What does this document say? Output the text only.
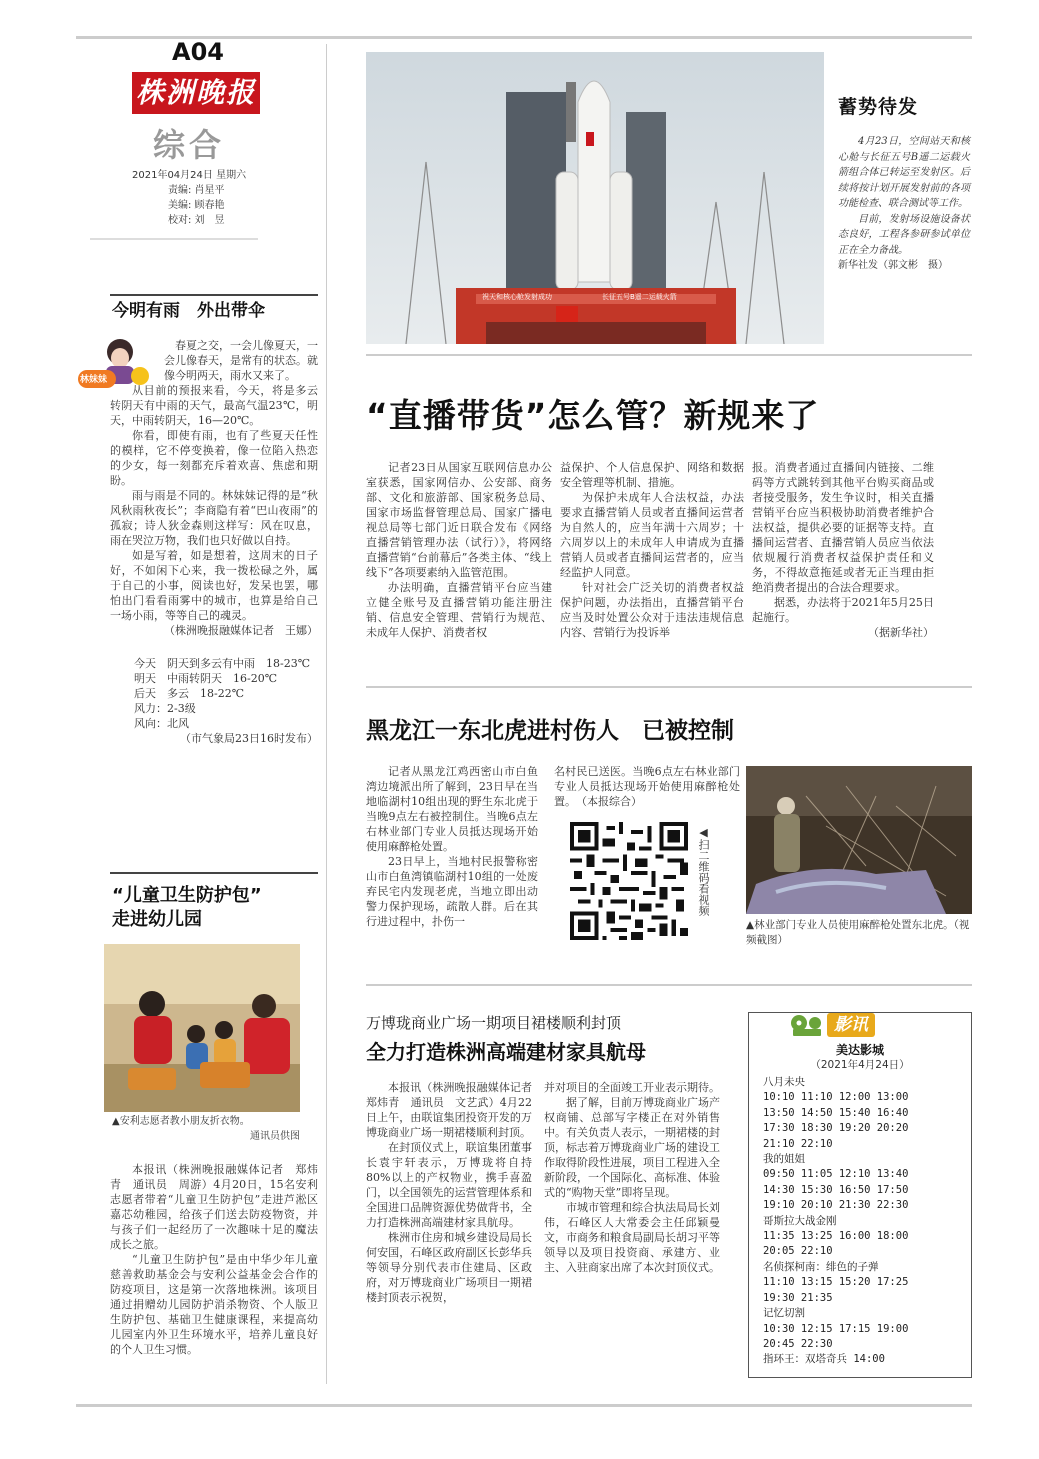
A04
株洲晚报
综合
2021年04月24日 星期六
责编: 肖星平
美编: 顾春艳
校对: 刘　昱
今明有雨　外出带伞
林妹妹

春夏之交，一会儿像夏天，一会儿像春天，是常有的状态。就像今明两天，雨水又来了。

从目前的预报来看，今天，将是多云转阴天有中雨的天气，最高气温23℃，明天，中雨转阴天，16—20℃。

你看，即使有雨，也有了些夏天任性的模样，它不停变换着，像一位陷入热恋的少女，每一刻都充斥着欢喜、焦虑和期盼。

雨与雨是不同的。林妹妹记得的是“秋风秋雨秋夜长”；李商隐有着“巴山夜雨”的孤寂；诗人狄金森则这样写：风在叹息，雨在哭泣万物，我们也只好做以自持。

如是写着，如是想着，这周末的日子好，不如闲下心来，我一拨松碌之外，属于自己的小事，阅读也好，发呆也罢，哪怕出门看看雨雾中的城市，也算是给自己一场小雨，等等自己的魂灵。

（株洲晚报融媒体记者　王娜）
今天　阴天到多云有中雨　18-23℃
明天　中雨转阴天　16-20℃
后天　多云　18-22℃
风力：2-3级
风向：北风
（市气象局23日16时发布）
“儿童卫生防护包”
走进幼儿园
▲安利志愿者教小朋友折衣物。
通讯员供图

本报讯（株洲晚报融媒体记者　郑炜青　通讯员　周游）4月20日，15名安利志愿者带着“儿童卫生防护包”走进芦淞区嘉芯幼稚园，给孩子们送去防疫物资，并与孩子们一起经历了一次趣味十足的魔法成长之旅。

“儿童卫生防护包”是由中华少年儿童慈善救助基金会与安利公益基金会合作的防疫项目，这是第一次落地株洲。该项目通过捐赠幼儿园防护消杀物资、个人版卫生防护包、基础卫生健康课程，来提高幼儿园室内外卫生环境水平，培养儿童良好的个人卫生习惯。

祝天和核心舱发射成功	长征五号B遥二运载火箭
蓄势待发

4月23日，空间站天和核心舱与长征五号B遥二运载火箭组合体已转运至发射区。后续将按计划开展发射前的各项功能检查、联合测试等工作。

目前，发射场设施设备状态良好，工程各参研参试单位正在全力备战。

新华社发（郭文彬　摄）
“直播带货”怎么管？新规来了

记者23日从国家互联网信息办公室获悉，国家网信办、公安部、商务部、文化和旅游部、国家税务总局、国家市场监督管理总局、国家广播电视总局等七部门近日联合发布《网络直播营销管理办法（试行）》，将网络直播营销“台前幕后”各类主体、“线上线下”各项要素纳入监管范围。

办法明确，直播营销平台应当建立健全账号及直播营销功能注册注销、信息安全管理、营销行为规范、未成年人保护、消费者权

益保护、个人信息保护、网络和数据安全管理等机制、措施。

为保护未成年人合法权益，办法要求直播营销人员或者直播间运营者为自然人的，应当年满十六周岁；十六周岁以上的未成年人申请成为直播营销人员或者直播间运营者的，应当经监护人同意。

针对社会广泛关切的消费者权益保护问题，办法指出，直播营销平台应当及时处置公众对于违法违规信息内容、营销行为投诉举

报。消费者通过直播间内链接、二维码等方式跳转到其他平台购买商品或者接受服务，发生争议时，相关直播营销平台应当积极协助消费者维护合法权益，提供必要的证据等支持。直播间运营者、直播营销人员应当依法依规履行消费者权益保护责任和义务，不得故意拖延或者无正当理由拒绝消费者提出的合法合理要求。

据悉，办法将于2021年5月25日起施行。

（据新华社）
黑龙江一东北虎进村伤人　已被控制

记者从黑龙江鸡西密山市白鱼湾边境派出所了解到，23日早在当地临湖村10组出现的野生东北虎于当晚9点左右被控制住。当晚6点左右林业部门专业人员抵达现场开始使用麻醉枪处置。

23日早上，当地村民报警称密山市白鱼湾镇临湖村10组的一处废弃民宅内发现老虎，当地立即出动警力保护现场，疏散人群。后在其行进过程中，扑伤一

名村民已送医。当晚6点左右林业部门专业人员抵达现场开始使用麻醉枪处置。　（本报综合）
◀扫二维码看视频
▲林业部门专业人员使用麻醉枪处置东北虎。（视频截图）
万博珑商业广场一期项目裙楼顺利封顶
全力打造株洲高端建材家具航母

本报讯（株洲晚报融媒体记者　郑炜青　通讯员　文艺武）4月22日上午，由联谊集团投资开发的万博珑商业广场一期裙楼顺利封顶。

在封顶仪式上，联谊集团董事长袁宇轩表示，万博珑将自持80%以上的产权物业，携手喜盈门，以全国领先的运营管理体系和全国进口品牌资源优势做背书，全力打造株洲高端建材家具航母。

株洲市住房和城乡建设局局长何安国，石峰区政府副区长彭华兵等领导分别代表市住建局、区政府，对万博珑商业广场项目一期裙楼封顶表示祝贺，

并对项目的全面竣工开业表示期待。

据了解，目前万博珑商业广场产权商铺、总部写字楼正在对外销售中。有关负责人表示，一期裙楼的封顶，标志着万博珑商业广场的建设工作取得阶段性进展，项目工程进入全新阶段，一个国际化、高标准、体验式的“购物天堂”即将呈现。

市城市管理和综合执法局局长刘伟，石峰区人大常委会主任邱颖曼文，市商务和粮食局副局长胡习平等领导以及项目投资商、承建方、业主、入驻商家出席了本次封顶仪式。

影讯
美达影城
（2021年4月24日）
八月未央
10:10 11:10 12:00 13:00
13:50 14:50 15:40 16:40
17:30 18:30 19:20 20:20
21:10 22:10
我的姐姐
09:50 11:05 12:10 13:40
14:30 15:30 16:50 17:50
19:10 20:10 21:30 22:30
哥斯拉大战金刚
11:35 13:25 16:00 18:00
20:05 22:10
名侦探柯南：绯色的子弹
11:10 13:15 15:20 17:25
19:30 21:35
记忆切割
10:30 12:15 17:15 19:00
20:45 22:30
指环王：双塔奇兵 14:00
